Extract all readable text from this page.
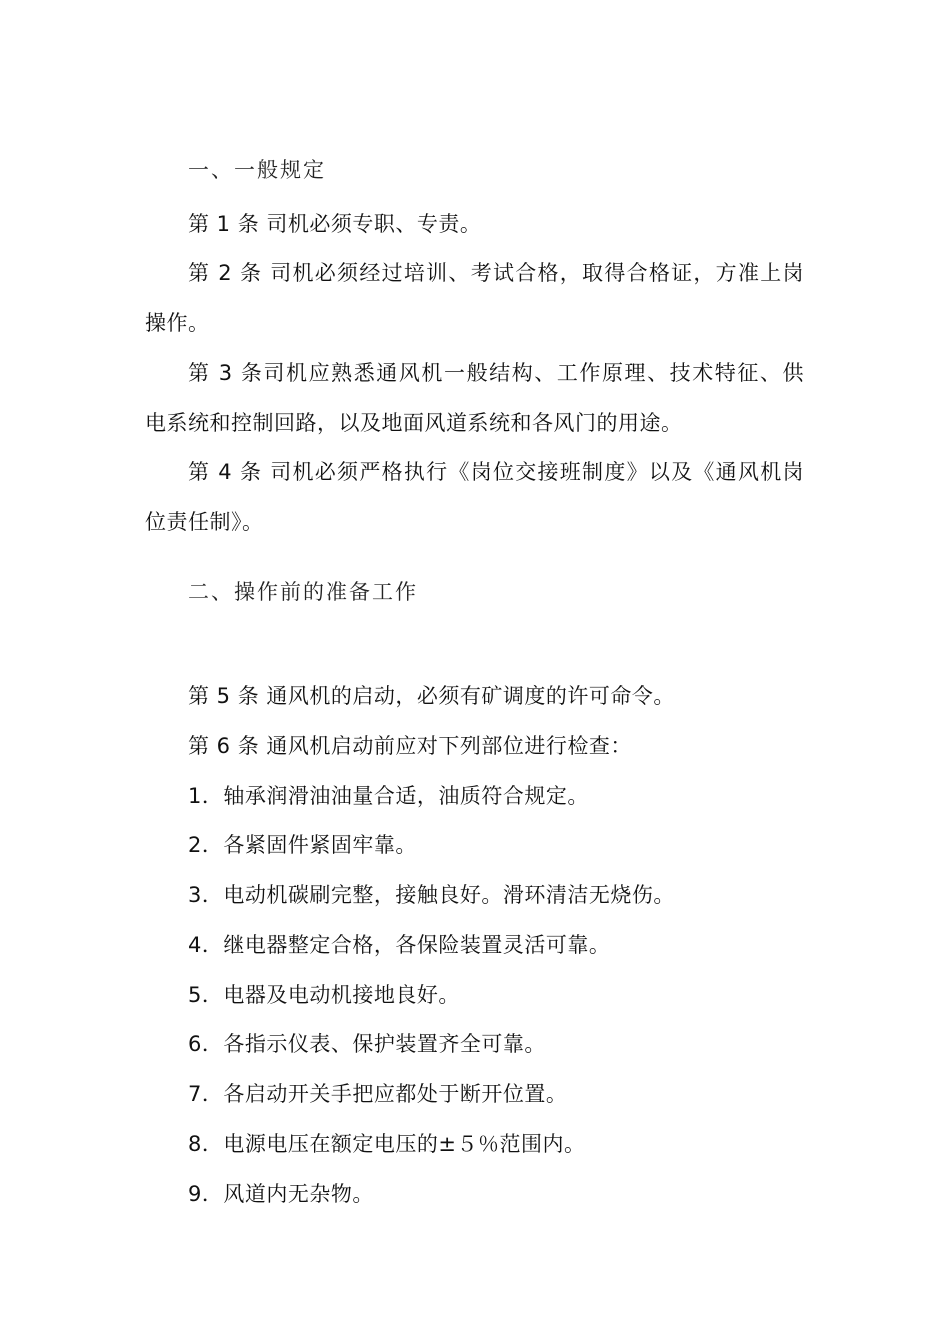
一、一般规定
第 1 条 司机必须专职、专责。
第 2 条 司机必须经过培训、考试合格，取得合格证，方准上岗
操作。
第 3 条司机应熟悉通风机一般结构、工作原理、技术特征、供
电系统和控制回路，以及地面风道系统和各风门的用途。
第 4 条 司机必须严格执行《岗位交接班制度》以及《通风机岗
位责任制》。
二、操作前的准备工作
第 5 条 通风机的启动，必须有矿调度的许可命令。
第 6 条 通风机启动前应对下列部位进行检查：
1．轴承润滑油油量合适，油质符合规定。
2．各紧固件紧固牢靠。
3．电动机碳刷完整，接触良好。滑环清洁无烧伤。
4．继电器整定合格，各保险装置灵活可靠。
5．电器及电动机接地良好。
6．各指示仪表、保护装置齐全可靠。
7．各启动开关手把应都处于断开位置。
8．电源电压在额定电压的±５％范围内。
9．风道内无杂物。
